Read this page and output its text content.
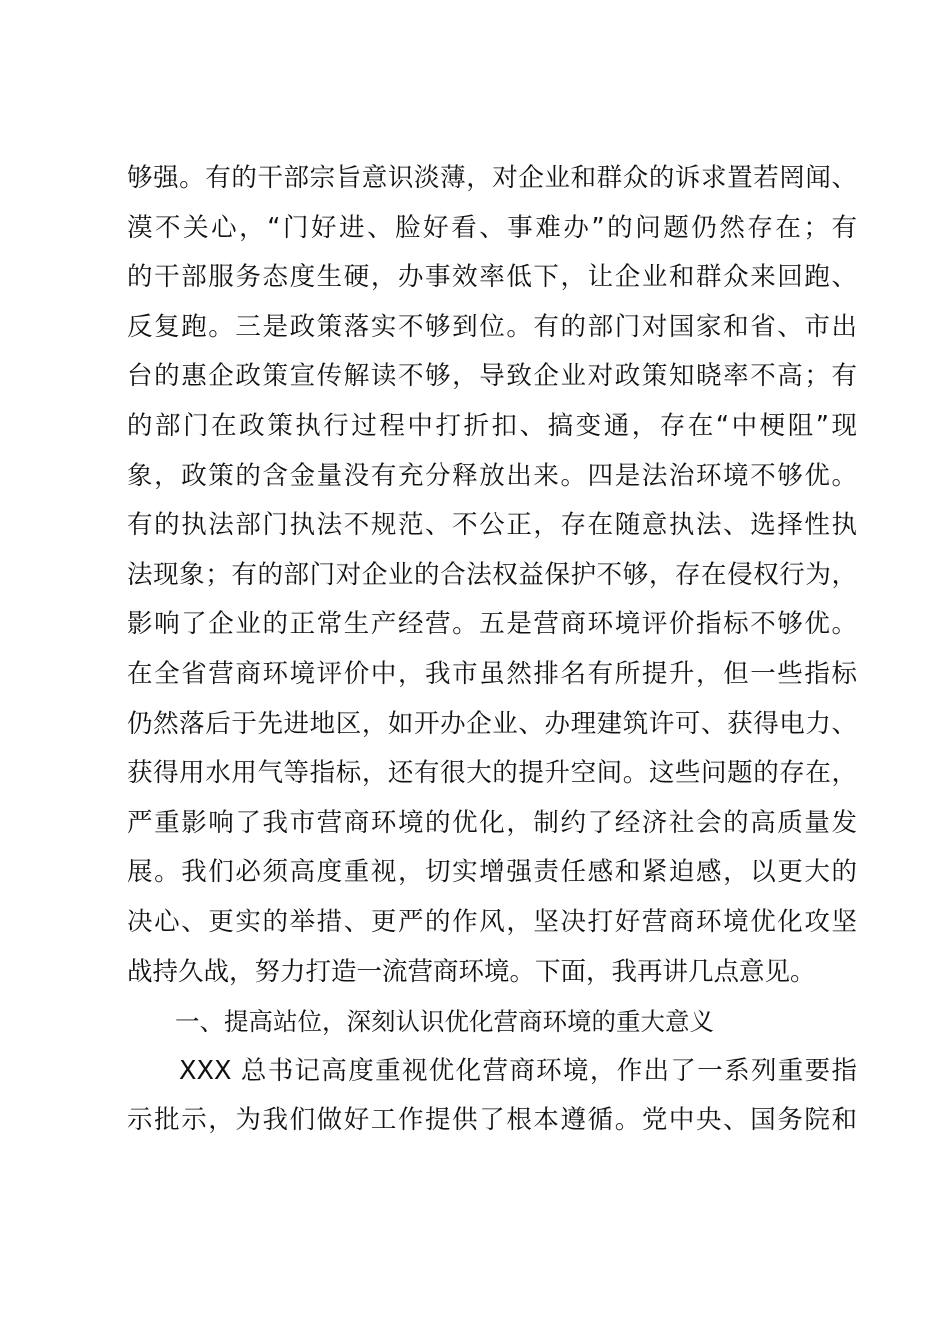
够强。有的干部宗旨意识淡薄，对企业和群众的诉求置若罔闻、
漠不关心，“门好进、脸好看、事难办”的问题仍然存在；有
的干部服务态度生硬，办事效率低下，让企业和群众来回跑、
反复跑。三是政策落实不够到位。有的部门对国家和省、市出
台的惠企政策宣传解读不够，导致企业对政策知晓率不高；有
的部门在政策执行过程中打折扣、搞变通，存在“中梗阻”现
象，政策的含金量没有充分释放出来。四是法治环境不够优。
有的执法部门执法不规范、不公正，存在随意执法、选择性执
法现象；有的部门对企业的合法权益保护不够，存在侵权行为，
影响了企业的正常生产经营。五是营商环境评价指标不够优。
在全省营商环境评价中，我市虽然排名有所提升，但一些指标
仍然落后于先进地区，如开办企业、办理建筑许可、获得电力、
获得用水用气等指标，还有很大的提升空间。这些问题的存在，
严重影响了我市营商环境的优化，制约了经济社会的高质量发
展。我们必须高度重视，切实增强责任感和紧迫感，以更大的
决心、更实的举措、更严的作风，坚决打好营商环境优化攻坚
战持久战，努力打造一流营商环境。下面，我再讲几点意见。
一、提高站位，深刻认识优化营商环境的重大意义
XXX 总书记高度重视优化营商环境，作出了一系列重要指
示批示，为我们做好工作提供了根本遵循。党中央、国务院和
